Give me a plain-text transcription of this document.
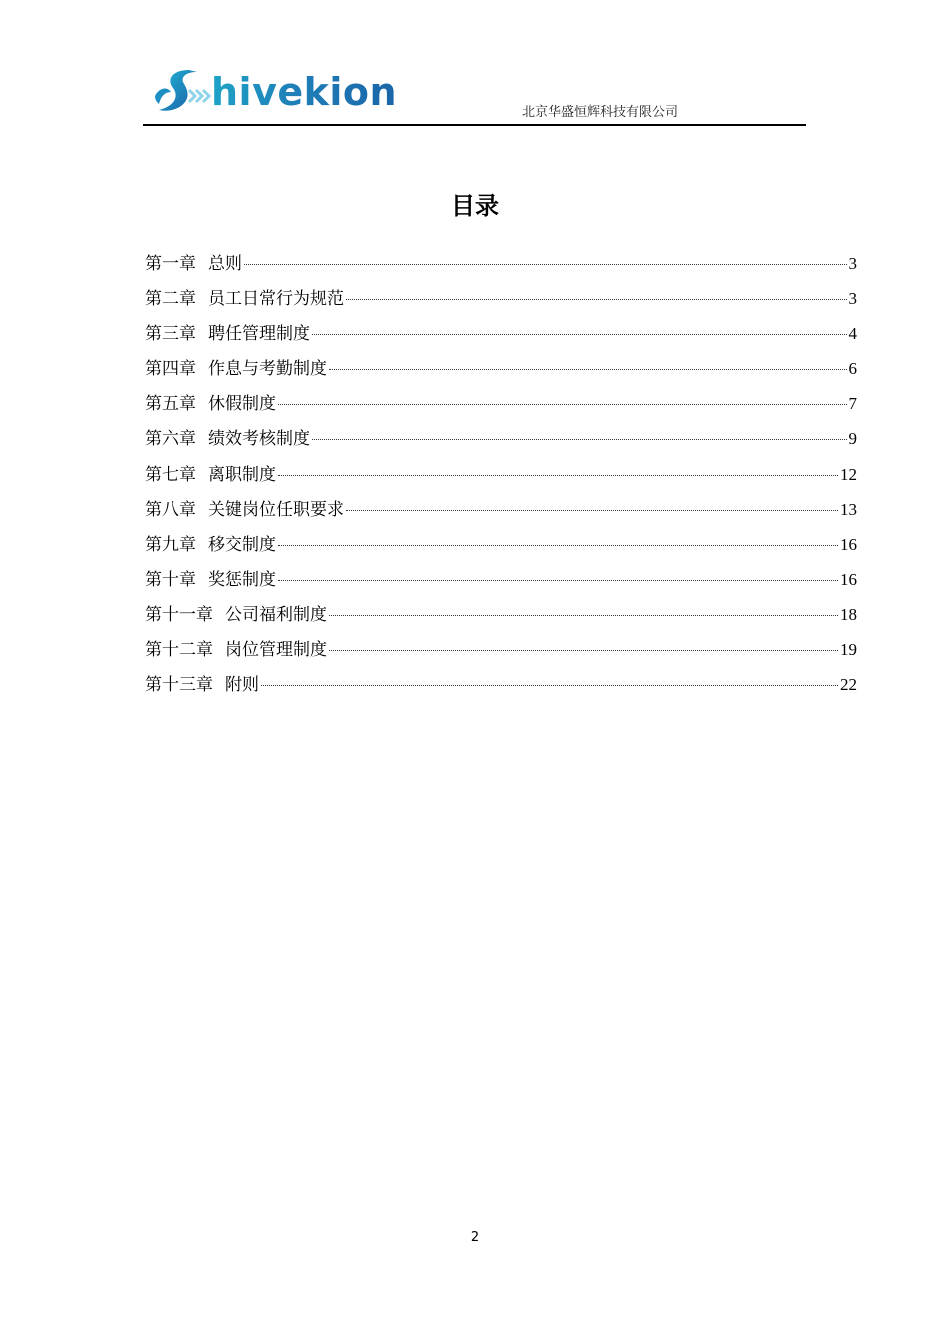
hivekion	北京华盛恒辉科技有限公司
目录
第一章 总则	3
第二章 员工日常行为规范	3
第三章 聘任管理制度	4
第四章 作息与考勤制度	6
第五章 休假制度	7
第六章 绩效考核制度	9
第七章 离职制度	12
第八章 关键岗位任职要求	13
第九章 移交制度	16
第十章 奖惩制度	16
第十一章 公司福利制度	18
第十二章 岗位管理制度	19
第十三章 附则	22
2
